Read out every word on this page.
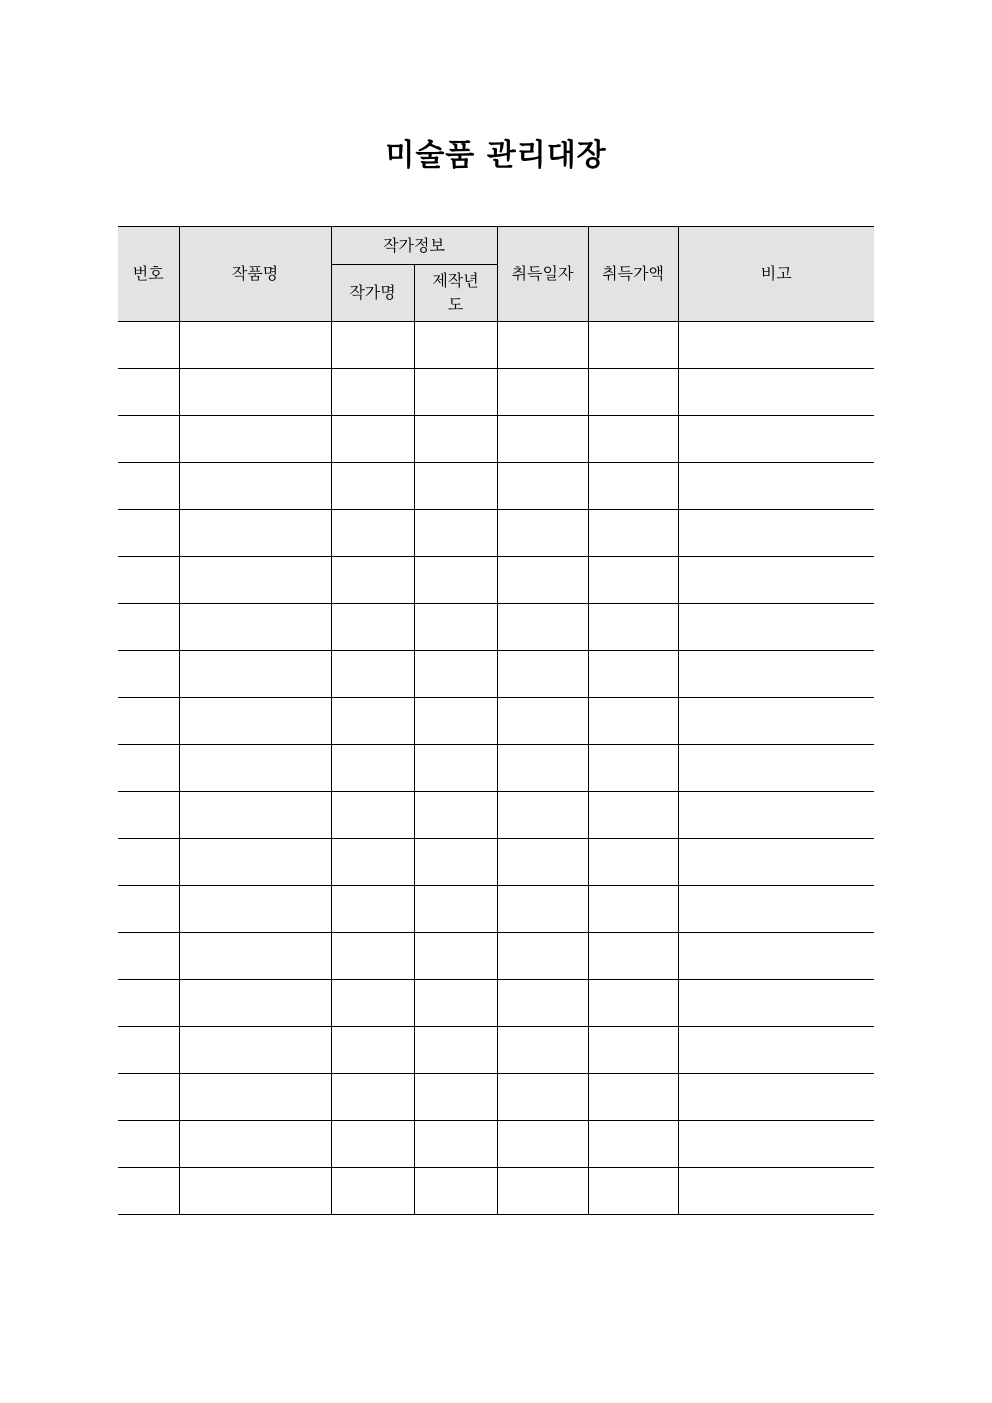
미술품 관리대장
번호	작품명	작가정보		취득일자	취득가액	비고
		작가명	제작년도			
